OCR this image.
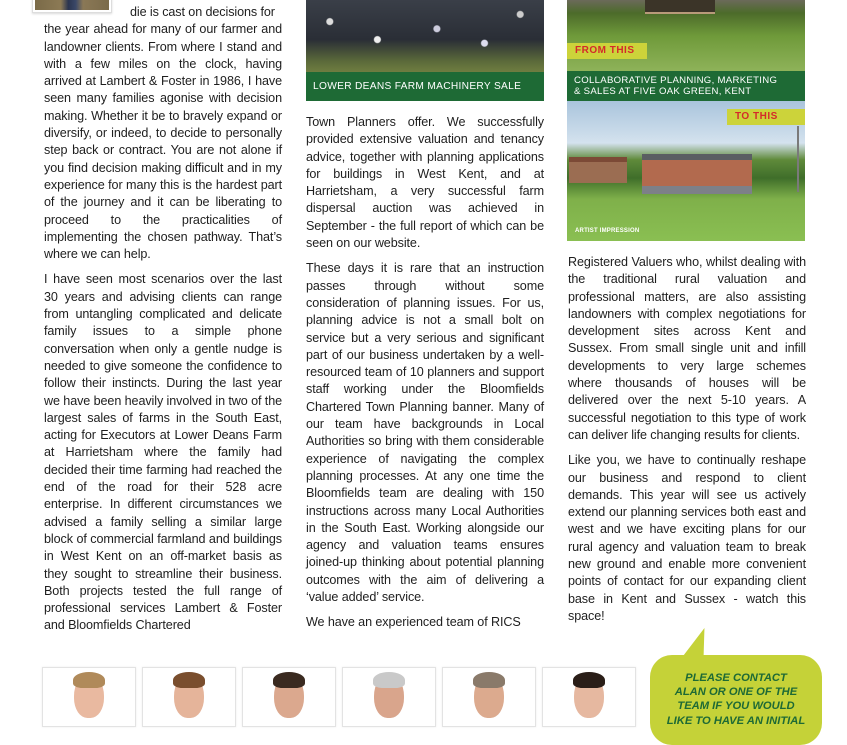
die is cast on decisions for
the year ahead for many of our farmer and landowner clients. From where I stand and with a few miles on the clock, having arrived at Lambert & Foster in 1986, I have seen many families agonise with decision making. Whether it be to bravely expand or diversify, or indeed, to decide to personally step back or contract. You are not alone if you find decision making difficult and in my experience for many this is the hardest part of the journey and it can be liberating to proceed to the practicalities of implementing the chosen pathway. That’s where we can help.

I have seen most scenarios over the last 30 years and advising clients can range from untangling complicated and delicate family issues to a simple phone conversation when only a gentle nudge is needed to give someone the confidence to follow their instincts. During the last year we have been heavily involved in two of the largest sales of farms in the South East, acting for Executors at Lower Deans Farm at Harrietsham where the family had decided their time farming had reached the end of the road for their 528 acre enterprise. In different circumstances we advised a family selling a similar large block of commercial farmland and buildings in West Kent on an off-market basis as they sought to streamline their business. Both projects tested the full range of professional services Lambert & Foster and Bloomfields Chartered

LOWER DEANS FARM MACHINERY SALE

Town Planners offer. We successfully provided extensive valuation and tenancy advice, together with planning applications for buildings in West Kent, and at Harrietsham, a very successful farm dispersal auction was achieved in September - the full report of which can be seen on our website.

These days it is rare that an instruction passes through without some consideration of planning issues. For us, planning advice is not a small bolt on service but a very serious and significant part of our business undertaken by a well-resourced team of 10 planners and support staff working under the Bloomfields Chartered Town Planning banner. Many of our team have backgrounds in Local Authorities so bring with them considerable experience of navigating the complex planning processes. At any one time the Bloomfields team are dealing with 150 instructions across many Local Authorities in the South East. Working alongside our agency and valuation teams ensures joined-up thinking about potential planning outcomes with the aim of delivering a ‘value added’ service.

We have an experienced team of RICS

FROM THIS
COLLABORATIVE PLANNING, MARKETING
& SALES AT FIVE OAK GREEN, KENT
TO THIS
ARTIST IMPRESSION

Registered Valuers who, whilst dealing with the traditional rural valuation and professional matters, are also assisting landowners with complex negotiations for development sites across Kent and Sussex. From small single unit and infill developments to very large schemes where thousands of houses will be delivered over the next 5-10 years. A successful negotiation to this type of work can deliver life changing results for clients.

Like you, we have to continually reshape our business and respond to client demands. This year will see us actively extend our planning services both east and west and we have exciting plans for our rural agency and valuation team to break new ground and enable more convenient points of contact for our expanding client base in Kent and Sussex - watch this space!

PLEASE CONTACT
ALAN OR ONE OF THE
TEAM IF YOU WOULD
LIKE TO HAVE AN INITIAL
